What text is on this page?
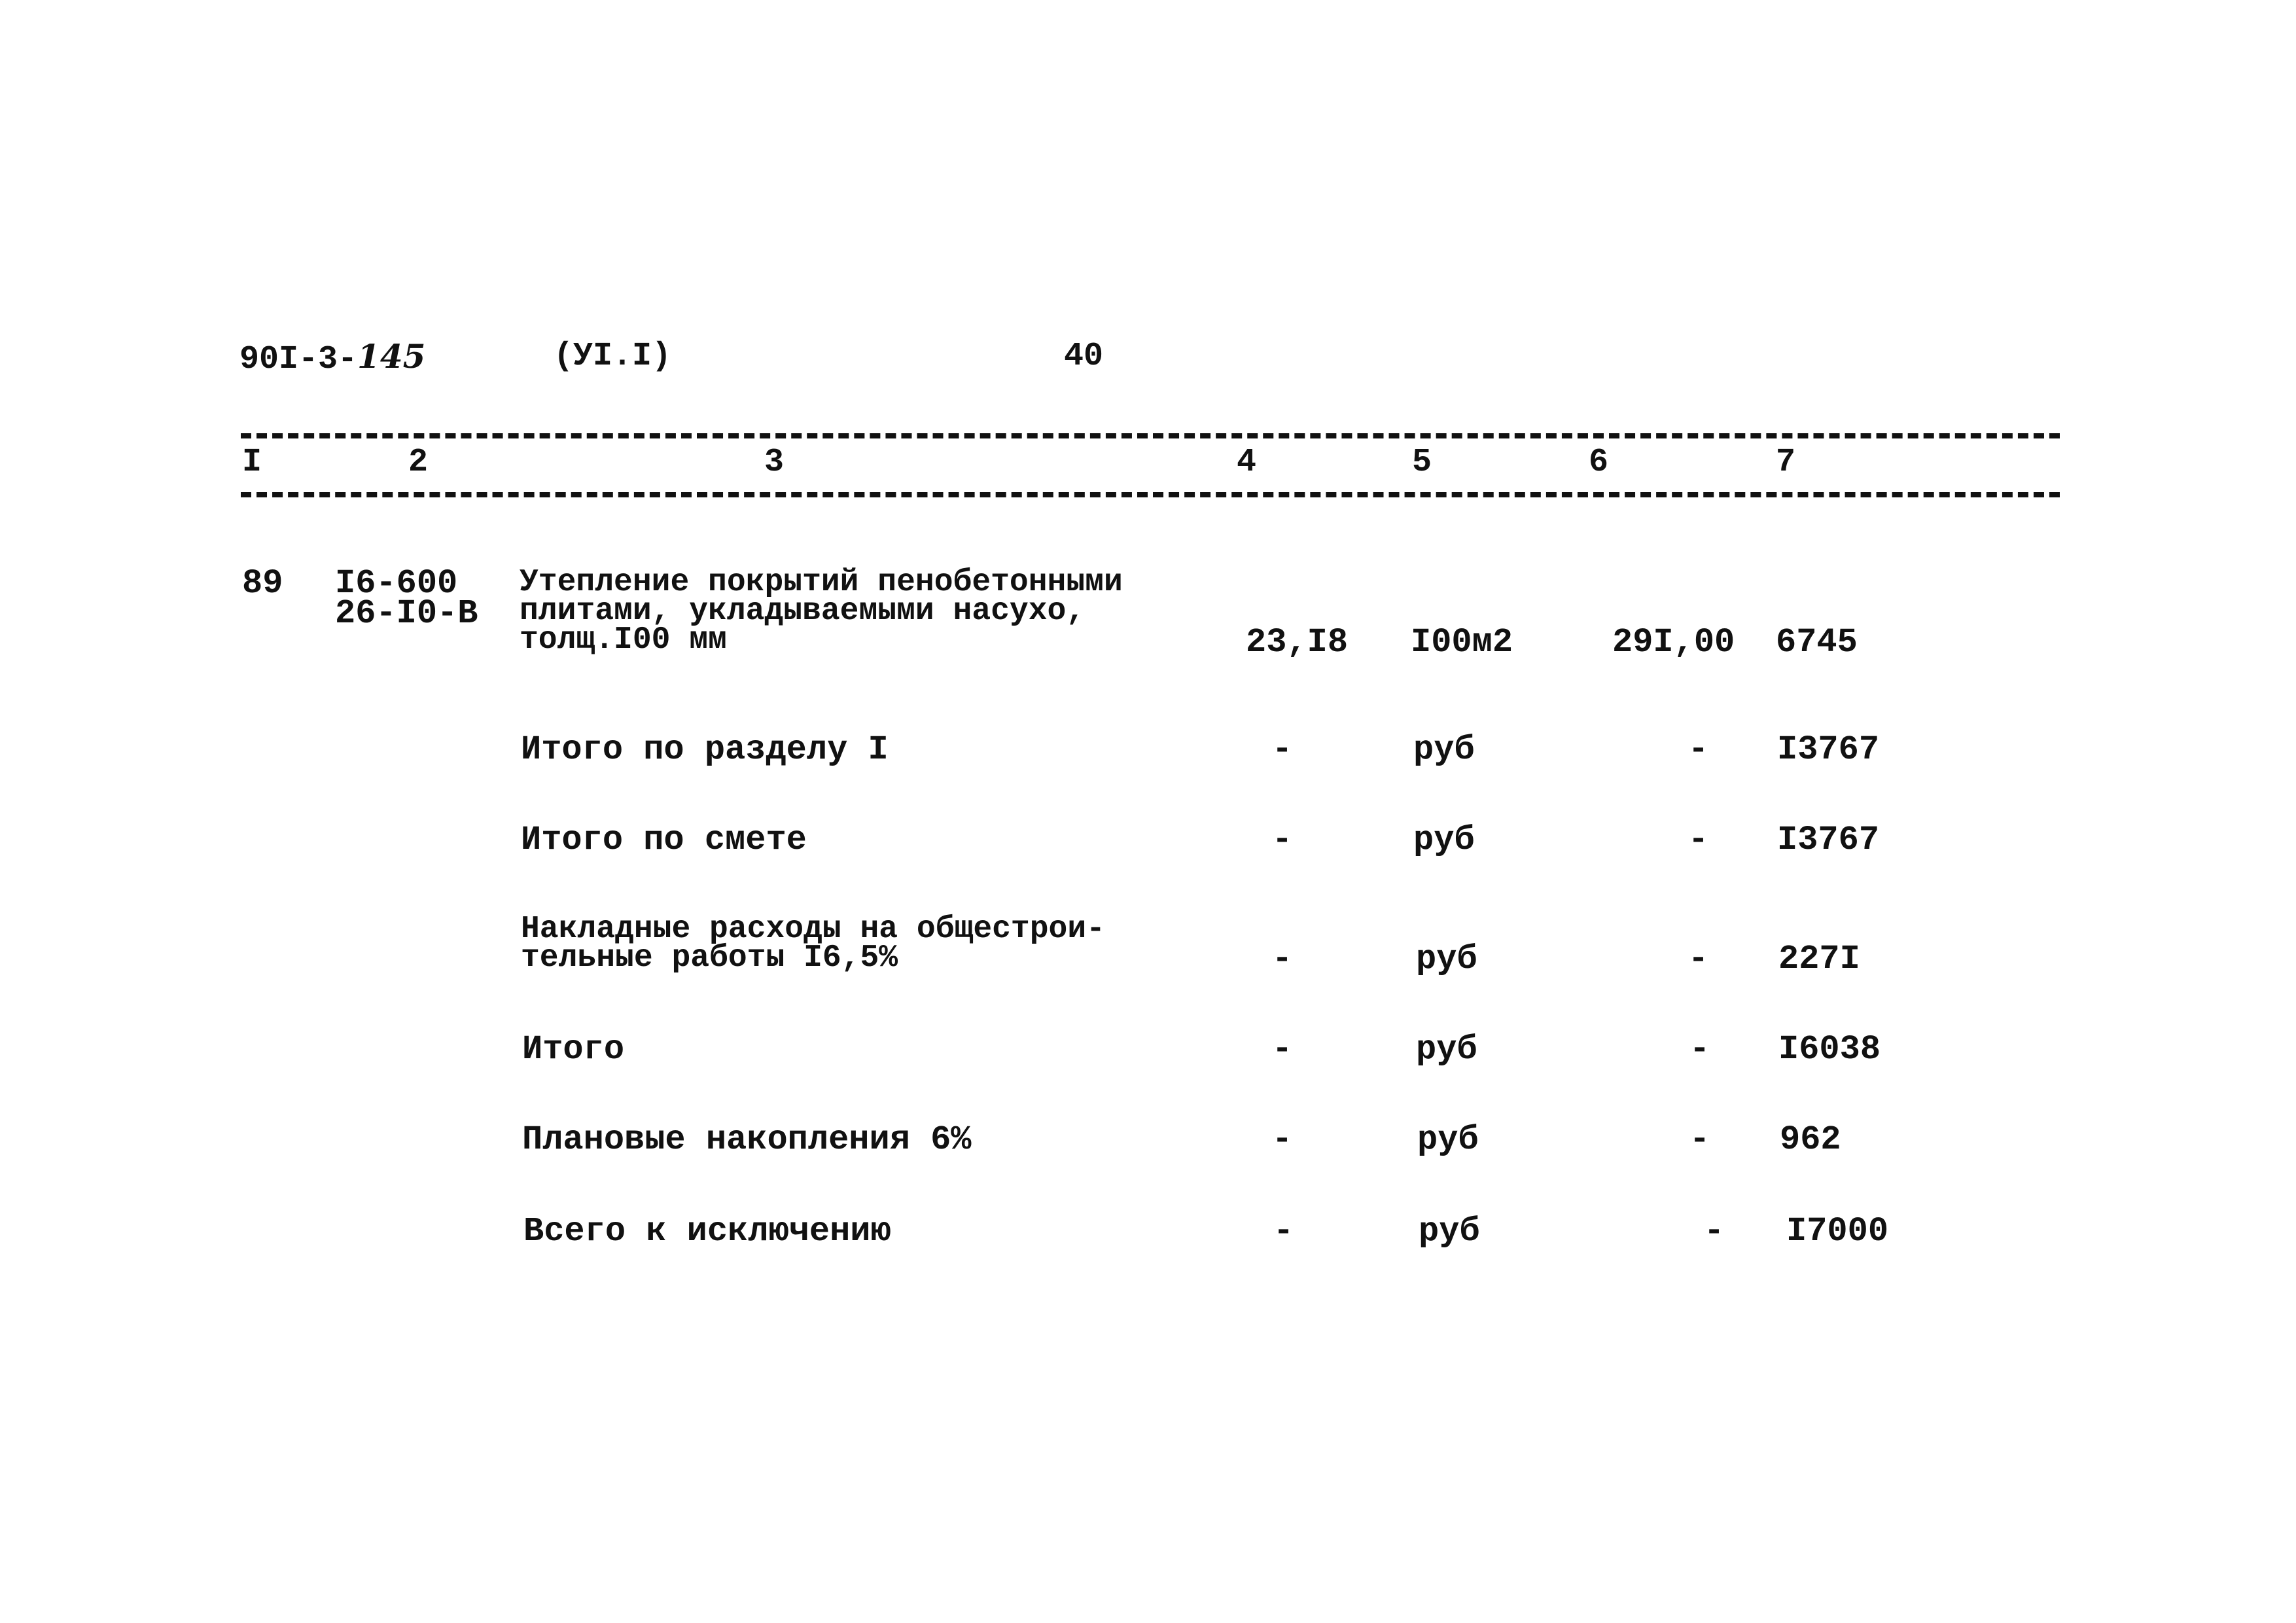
90I-3-145	(УI.I)	40
I	2	3	4	5	6	7
89 I6-600
26-I0-B
Утепление покрытий пенобетонными
плитами, укладываемыми насухо,
толщ.I00 мм	23,I8 I00м2	29I,00 6745
Итого по разделу I	-	руб	- I3767
Итого по смете	-	руб	- I3767
Накладные расходы на общестрои-
тельные работы I6,5%	-	руб	- 227I
Итого	-	руб	- I6038
Плановые накопления 6%	-	руб	- 962
Всего к исключению	-	руб	- I7000
